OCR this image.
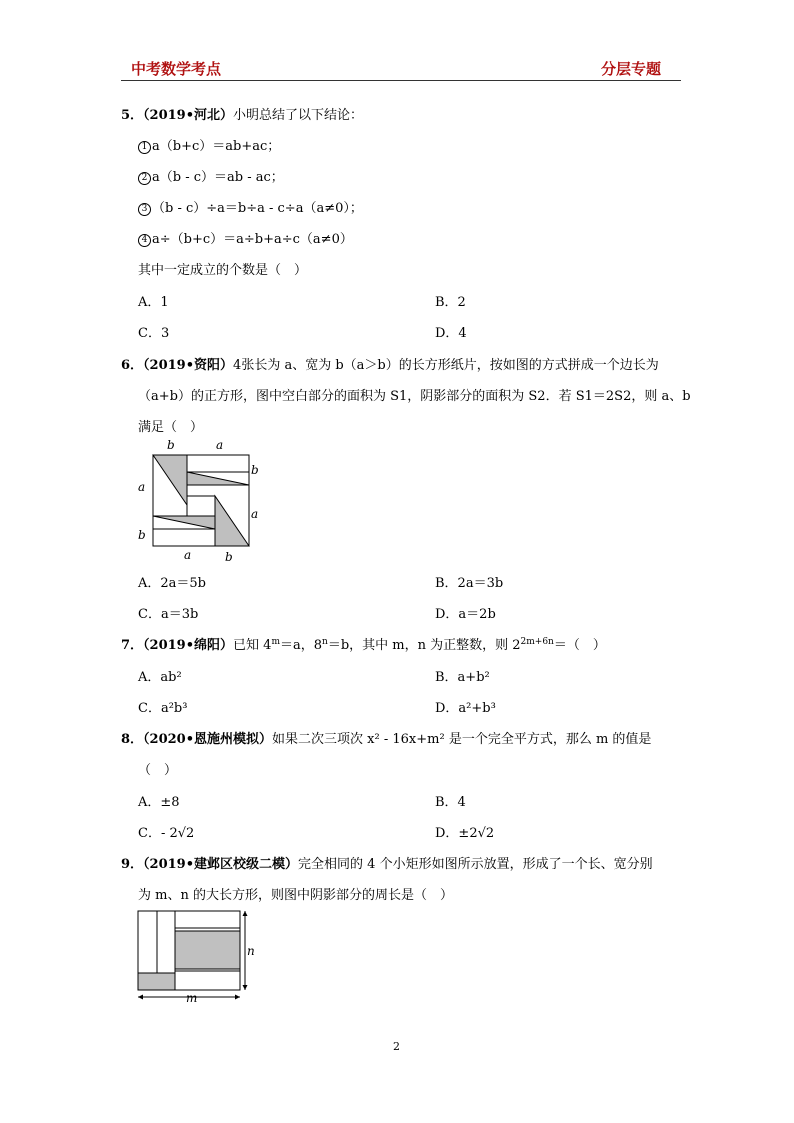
中考数学考点	分层专题
5．（2019•河北）小明总结了以下结论：
1 a（b+c）＝ab+ac；
2 a（b - c）＝ab - ac；
3 （b - c）÷a＝b÷a - c÷a（a≠0）；
4 a÷（b+c）＝a÷b+a÷c（a≠0）
其中一定成立的个数是（　）
A．1	B．2
C．3	D．4
6．（2019•资阳）4张长为 a、宽为 b（a＞b）的长方形纸片，按如图的方式拼成一个边长为
（a+b）的正方形，图中空白部分的面积为 S1，阴影部分的面积为 S2．若 S1＝2S2，则 a、b
满足（　）
b	a
b
a
a
b
a	b
A．2a＝5b	B．2a＝3b
C．a＝3b	D．a＝2b
7．（2019•绵阳）已知 $4^m=a$，$8^n=b$，其中 m，n 为正整数，则 $2^{2m+6n}=$（　）
A．ab²	B．a+b²
C．a²b³	D．a²+b³
8．（2020•恩施州模拟）如果二次三项次 x² - 16x+m² 是一个完全平方式，那么 m 的值是
（　）
A．±8	B．4
C．- 2√2	D．±2√2
9．（2019•建邺区校级二模）完全相同的 4 个小矩形如图所示放置，形成了一个长、宽分别
为 m、n 的大长方形，则图中阴影部分的周长是（　）
n
m
2
